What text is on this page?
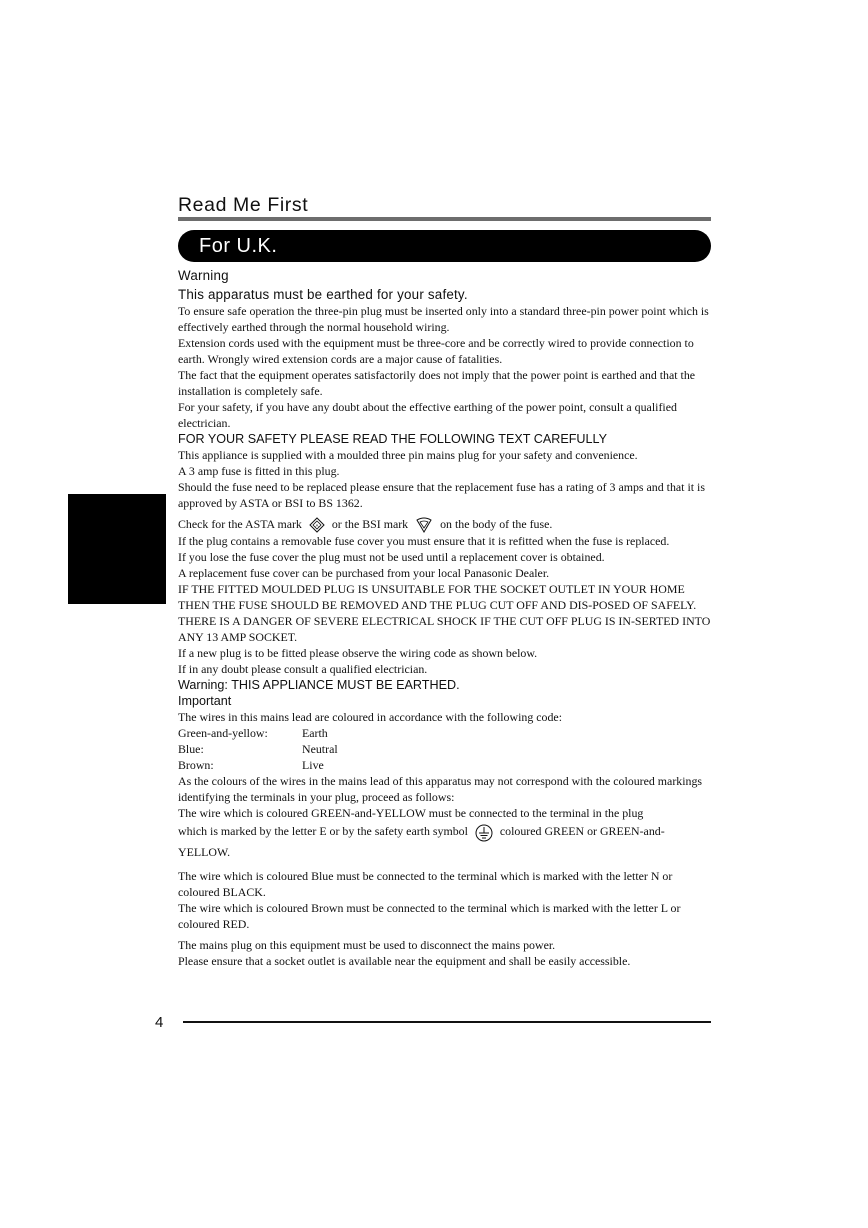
Read Me First
For U.K.
Warning
This apparatus must be earthed for your safety.
To ensure safe operation the three-pin plug must be inserted only into a standard three-pin power point which is effectively earthed through the normal household wiring.
Extension cords used with the equipment must be three-core and be correctly wired to provide connection to earth. Wrongly wired extension cords are a major cause of fatalities.
The fact that the equipment operates satisfactorily does not imply that the power point is earthed and that the installation is completely safe.
For your safety, if you have any doubt about the effective earthing of the power point, consult a qualified electrician.
FOR YOUR SAFETY PLEASE READ THE FOLLOWING TEXT CAREFULLY
This appliance is supplied with a moulded three pin mains plug for your safety and convenience.
A 3 amp fuse is fitted in this plug.
Should the fuse need to be replaced please ensure that the replacement fuse has a rating of 3 amps and that it is approved by ASTA or BSI to BS 1362.
Check for the ASTA mark	A or the BSI mark	on the body of the fuse.
If the plug contains a removable fuse cover you must ensure that it is refitted when the fuse is replaced.
If you lose the fuse cover the plug must not be used until a replacement cover is obtained.
A replacement fuse cover can be purchased from your local Panasonic Dealer.
IF THE FITTED MOULDED PLUG IS UNSUITABLE FOR THE SOCKET OUTLET IN YOUR HOME THEN THE FUSE SHOULD BE REMOVED AND THE PLUG CUT OFF AND DIS-POSED OF SAFELY.
THERE IS A DANGER OF SEVERE ELECTRICAL SHOCK IF THE CUT OFF PLUG IS IN-SERTED INTO ANY 13 AMP SOCKET.
If a new plug is to be fitted please observe the wiring code as shown below.
If in any doubt please consult a qualified electrician.
Warning: THIS APPLIANCE MUST BE EARTHED.
Important
The wires in this mains lead are coloured in accordance with the following code:
Green-and-yellow:	Earth
Blue:	Neutral
Brown:	Live
As the colours of the wires in the mains lead of this apparatus may not correspond with the coloured markings identifying the terminals in your plug, proceed as follows:
The wire which is coloured GREEN-and-YELLOW must be connected to the terminal in the plug
which is marked by the letter E or by the safety earth symbol	coloured GREEN or GREEN-and-YELLOW.
The wire which is coloured Blue must be connected to the terminal which is marked with the letter N or coloured BLACK.
The wire which is coloured Brown must be connected to the terminal which is marked with the letter L or coloured RED.
The mains plug on this equipment must be used to disconnect the mains power.
Please ensure that a socket outlet is available near the equipment and shall be easily accessible.
4
